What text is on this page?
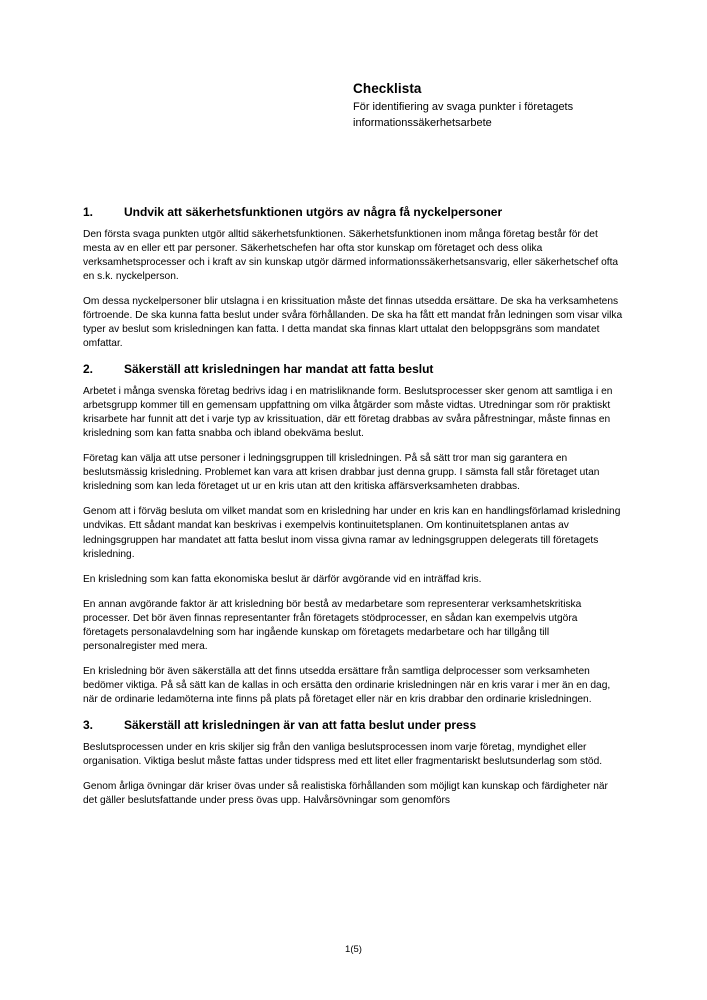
Checklista
För identifiering av svaga punkter i företagets informationssäkerhetsarbete
1.	Undvik att säkerhetsfunktionen utgörs av några få nyckelpersoner

Den första svaga punkten utgör alltid säkerhetsfunktionen. Säkerhetsfunktionen inom många företag består för det mesta av en eller ett par personer. Säkerhetschefen har ofta stor kunskap om företaget och dess olika verksamhetsprocesser och i kraft av sin kunskap utgör därmed informationssäkerhetsansvarig, eller säkerhetschef ofta en s.k. nyckelperson.

Om dessa nyckelpersoner blir utslagna i en krissituation måste det finnas utsedda ersättare. De ska ha verksamhetens förtroende. De ska kunna fatta beslut under svåra förhållanden. De ska ha fått ett mandat från ledningen som visar vilka typer av beslut som krisledningen kan fatta. I detta mandat ska finnas klart uttalat den beloppsgräns som mandatet omfattar.

2.	Säkerställ att krisledningen har mandat att fatta beslut

Arbetet i många svenska företag bedrivs idag i en matrisliknande form. Beslutsprocesser sker genom att samtliga i en arbetsgrupp kommer till en gemensam uppfattning om vilka åtgärder som måste vidtas. Utredningar som rör praktiskt krisarbete har funnit att det i varje typ av krissituation, där ett företag drabbas av svåra påfrestningar, måste finnas en krisledning som kan fatta snabba och ibland obekväma beslut.

Företag kan välja att utse personer i ledningsgruppen till krisledningen. På så sätt tror man sig garantera en beslutsmässig krisledning. Problemet kan vara att krisen drabbar just denna grupp. I sämsta fall står företaget utan krisledning som kan leda företaget ut ur en kris utan att den kritiska affärsverksamheten drabbas.

Genom att i förväg besluta om vilket mandat som en krisledning har under en kris kan en handlingsförlamad krisledning undvikas. Ett sådant mandat kan beskrivas i exempelvis kontinuitetsplanen. Om kontinuitetsplanen antas av ledningsgruppen har mandatet att fatta beslut inom vissa givna ramar av ledningsgruppen delegerats till företagets krisledning.

En krisledning som kan fatta ekonomiska beslut är därför avgörande vid en inträffad kris.

En annan avgörande faktor är att krisledning bör bestå av medarbetare som representerar verksamhetskritiska processer. Det bör även finnas representanter från företagets stödprocesser, en sådan kan exempelvis utgöra företagets personalavdelning som har ingående kunskap om företagets medarbetare och har tillgång till personalregister med mera.

En krisledning bör även säkerställa att det finns utsedda ersättare från samtliga delprocesser som verksamheten bedömer viktiga. På så sätt kan de kallas in och ersätta den ordinarie krisledningen när en kris varar i mer än en dag, när de ordinarie ledamöterna inte finns på plats på företaget eller när en kris drabbar den ordinarie krisledningen.

3.	Säkerställ att krisledningen är van att fatta beslut under press

Beslutsprocessen under en kris skiljer sig från den vanliga beslutsprocessen inom varje företag, myndighet eller organisation. Viktiga beslut måste fattas under tidspress med ett litet eller fragmentariskt beslutsunderlag som stöd.

Genom årliga övningar där kriser övas under så realistiska förhållanden som möjligt kan kunskap och färdigheter när det gäller beslutsfattande under press övas upp. Halvårsövningar som genomförs

1(5)
